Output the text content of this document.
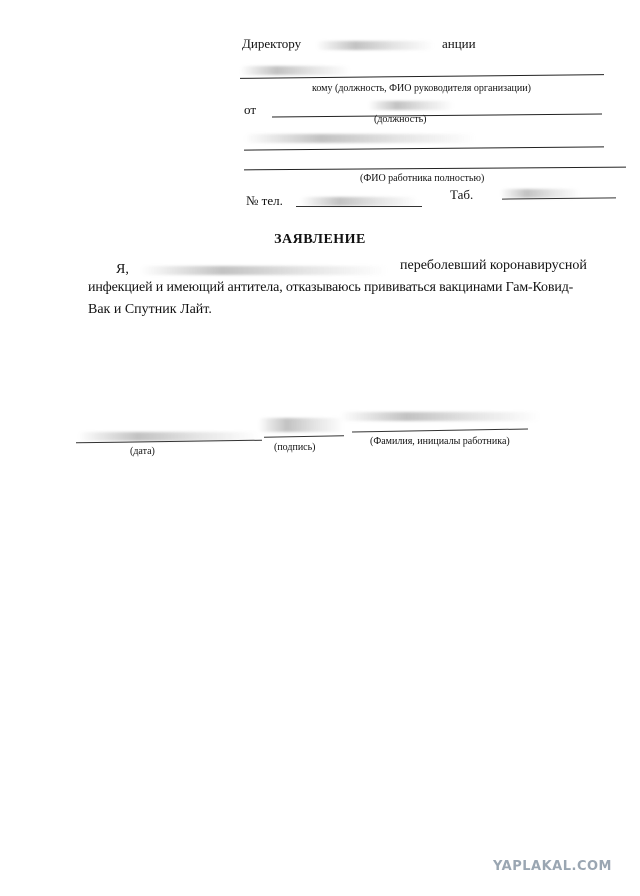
Директору	анции
кому (должность, ФИО руководителя организации)
от
(должность)
(ФИО работника полностью)
№ тел.	Таб.
ЗАЯВЛЕНИЕ
Я,	переболевший коронавирусной
инфекцией и имеющий антитела, отказываюсь прививаться вакцинами Гам-Ковид-
Вак и Спутник Лайт.
(дата)	(подпись)
(Фамилия, инициалы работника)
YAPLAKAL.COM
